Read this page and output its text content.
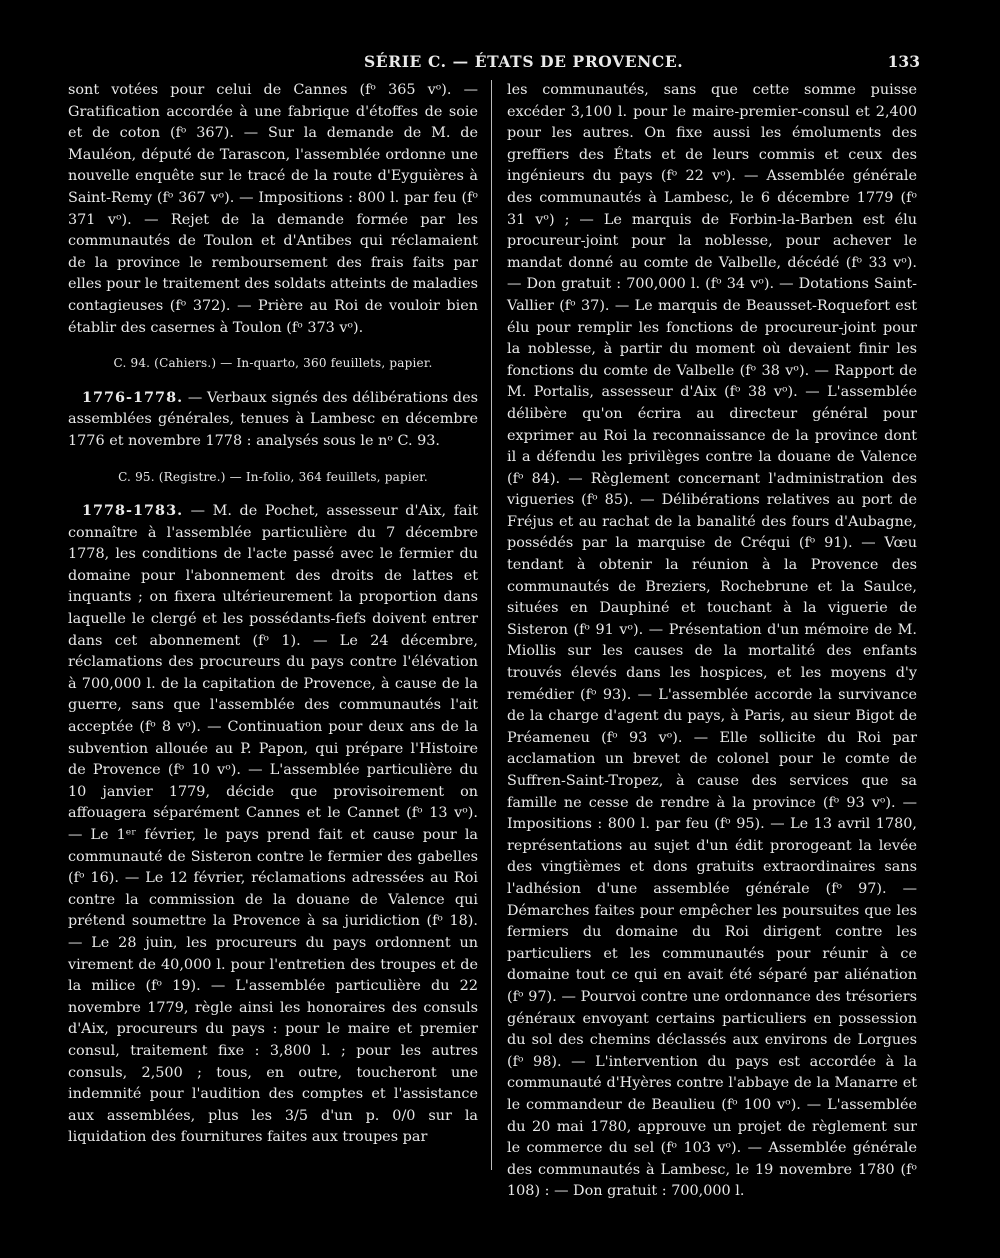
SÉRIE C. — ÉTATS DE PROVENCE.	133

sont votées pour celui de Cannes (fᵒ 365 vᵒ). — Gratification accordée à une fabrique d'étoffes de soie et de coton (fᵒ 367). — Sur la demande de M. de Mauléon, député de Tarascon, l'assemblée ordonne une nouvelle enquête sur le tracé de la route d'Eyguières à Saint-Remy (fᵒ 367 vᵒ). — Impositions : 800 l. par feu (fᵒ 371 vᵒ). — Rejet de la demande formée par les communautés de Toulon et d'Antibes qui réclamaient de la province le remboursement des frais faits par elles pour le traitement des soldats atteints de maladies contagieuses (fᵒ 372). — Prière au Roi de vouloir bien établir des casernes à Toulon (fᵒ 373 vᵒ).

C. 94. (Cahiers.) — In-quarto, 360 feuillets, papier.

1776-1778. — Verbaux signés des délibérations des assemblées générales, tenues à Lambesc en décembre 1776 et novembre 1778 : analysés sous le nᵒ C. 93.

C. 95. (Registre.) — In-folio, 364 feuillets, papier.

1778-1783. — M. de Pochet, assesseur d'Aix, fait connaître à l'assemblée particulière du 7 décembre 1778, les conditions de l'acte passé avec le fermier du domaine pour l'abonnement des droits de lattes et inquants ; on fixera ultérieurement la proportion dans laquelle le clergé et les possédants-fiefs doivent entrer dans cet abonnement (fᵒ 1). — Le 24 décembre, réclamations des procureurs du pays contre l'élévation à 700,000 l. de la capitation de Provence, à cause de la guerre, sans que l'assemblée des communautés l'ait acceptée (fᵒ 8 vᵒ). — Continuation pour deux ans de la subvention allouée au P. Papon, qui prépare l'Histoire de Provence (fᵒ 10 vᵒ). — L'assemblée particulière du 10 janvier 1779, décide que provisoirement on affouagera séparément Cannes et le Cannet (fᵒ 13 vᵒ). — Le 1ᵉʳ février, le pays prend fait et cause pour la communauté de Sisteron contre le fermier des gabelles (fᵒ 16). — Le 12 février, réclamations adressées au Roi contre la commission de la douane de Valence qui prétend soumettre la Provence à sa juridiction (fᵒ 18). — Le 28 juin, les procureurs du pays ordonnent un virement de 40,000 l. pour l'entretien des troupes et de la milice (fᵒ 19). — L'assemblée particulière du 22 novembre 1779, règle ainsi les honoraires des consuls d'Aix, procureurs du pays : pour le maire et premier consul, traitement fixe : 3,800 l. ; pour les autres consuls, 2,500 ; tous, en outre, toucheront une indemnité pour l'audition des comptes et l'assistance aux assemblées, plus les 3/5 d'un p. 0/0 sur la liquidation des fournitures faites aux troupes par

les communautés, sans que cette somme puisse excéder 3,100 l. pour le maire-premier-consul et 2,400 pour les autres. On fixe aussi les émoluments des greffiers des États et de leurs commis et ceux des ingénieurs du pays (fᵒ 22 vᵒ). — Assemblée générale des communautés à Lambesc, le 6 décembre 1779 (fᵒ 31 vᵒ) ; — Le marquis de Forbin-la-Barben est élu procureur-joint pour la noblesse, pour achever le mandat donné au comte de Valbelle, décédé (fᵒ 33 vᵒ). — Don gratuit : 700,000 l. (fᵒ 34 vᵒ). — Dotations Saint-Vallier (fᵒ 37). — Le marquis de Beausset-Roquefort est élu pour remplir les fonctions de procureur-joint pour la noblesse, à partir du moment où devaient finir les fonctions du comte de Valbelle (fᵒ 38 vᵒ). — Rapport de M. Portalis, assesseur d'Aix (fᵒ 38 vᵒ). — L'assemblée délibère qu'on écrira au directeur général pour exprimer au Roi la reconnaissance de la province dont il a défendu les privilèges contre la douane de Valence (fᵒ 84). — Règlement concernant l'administration des vigueries (fᵒ 85). — Délibérations relatives au port de Fréjus et au rachat de la banalité des fours d'Aubagne, possédés par la marquise de Créqui (fᵒ 91). — Vœu tendant à obtenir la réunion à la Provence des communautés de Breziers, Rochebrune et la Saulce, situées en Dauphiné et touchant à la viguerie de Sisteron (fᵒ 91 vᵒ). — Présentation d'un mémoire de M. Miollis sur les causes de la mortalité des enfants trouvés élevés dans les hospices, et les moyens d'y remédier (fᵒ 93). — L'assemblée accorde la survivance de la charge d'agent du pays, à Paris, au sieur Bigot de Préameneu (fᵒ 93 vᵒ). — Elle sollicite du Roi par acclamation un brevet de colonel pour le comte de Suffren-Saint-Tropez, à cause des services que sa famille ne cesse de rendre à la province (fᵒ 93 vᵒ). — Impositions : 800 l. par feu (fᵒ 95). — Le 13 avril 1780, représentations au sujet d'un édit prorogeant la levée des vingtièmes et dons gratuits extraordinaires sans l'adhésion d'une assemblée générale (fᵒ 97). — Démarches faites pour empêcher les poursuites que les fermiers du domaine du Roi dirigent contre les particuliers et les communautés pour réunir à ce domaine tout ce qui en avait été séparé par aliénation (fᵒ 97). — Pourvoi contre une ordonnance des trésoriers généraux envoyant certains particuliers en possession du sol des chemins déclassés aux environs de Lorgues (fᵒ 98). — L'intervention du pays est accordée à la communauté d'Hyères contre l'abbaye de la Manarre et le commandeur de Beaulieu (fᵒ 100 vᵒ). — L'assemblée du 20 mai 1780, approuve un projet de règlement sur le commerce du sel (fᵒ 103 vᵒ). — Assemblée générale des communautés à Lambesc, le 19 novembre 1780 (fᵒ 108) : — Don gratuit : 700,000 l.
